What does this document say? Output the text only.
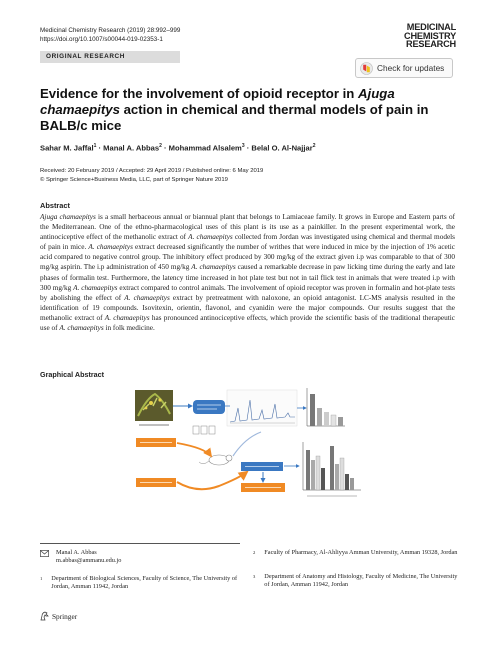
Medicinal Chemistry Research (2019) 28:992–999
https://doi.org/10.1007/s00044-019-02353-1
MEDICINAL
CHEMISTRY
RESEARCH
ORIGINAL RESEARCH
Check for updates
Evidence for the involvement of opioid receptor in Ajuga chamaepitys action in chemical and thermal models of pain in BALB/c mice
Sahar M. Jaffal$^1$ · Manal A. Abbas$^2$ · Mohammad Alsalem$^3$ · Belal O. Al-Najjar$^2$
Received: 20 February 2019 / Accepted: 29 April 2019 / Published online: 6 May 2019
© Springer Science+Business Media, LLC, part of Springer Nature 2019
Abstract
Ajuga chamaepitys is a small herbaceous annual or biannual plant that belongs to Lamiaceae family. It grows in Europe and Eastern parts of the Mediterranean. One of the ethno-pharmacological uses of this plant is its use as a painkiller. In the present experimental work, the antinociceptive effect of the methanolic extract of A. chamaepitys collected from Jordan was investigated using chemical and thermal models of pain in mice. A. chamaepitys extract decreased significantly the number of writhes that were induced in mice by the injection of 1% acetic acid compared to negative control group. The inhibitory effect produced by 300 mg/kg of the extract given i.p was comparable to that of 300 mg/kg aspirin. The i.p administration of 450 mg/kg A. chamaepitys caused a remarkable decrease in paw licking time during the early and late phases of formalin test. Furthermore, the latency time increased in hot plate test but not in tail flick test in animals that were treated i.p with 300 mg/kg A. chamaepitys extract compared to control animals. The involvement of opioid receptor was proven in formalin and hot-plate tests by abolishing the effect of A. chamaepitys extract by pretreatment with naloxone, an opioid antagonist. LC-MS analysis resulted in the identification of 19 compounds. Isovitexin, orientin, flavonol, and cyanidin were the major compounds. Our results suggest that the methanolic extract of A. chamaepitys has pronounced antinociceptive effects, which provide the scientific basis of the traditional therapeutic use of A. chamaepitys in folk medicine.
Graphical Abstract
Manal A. Abbas
m.abbas@ammanu.edu.jo
1 Department of Biological Sciences, Faculty of Science, The University of Jordan, Amman 11942, Jordan
2 Faculty of Pharmacy, Al-Ahliyya Amman University, Amman 19328, Jordan
3 Department of Anatomy and Histology, Faculty of Medicine, The University of Jordan, Amman 11942, Jordan
Springer
